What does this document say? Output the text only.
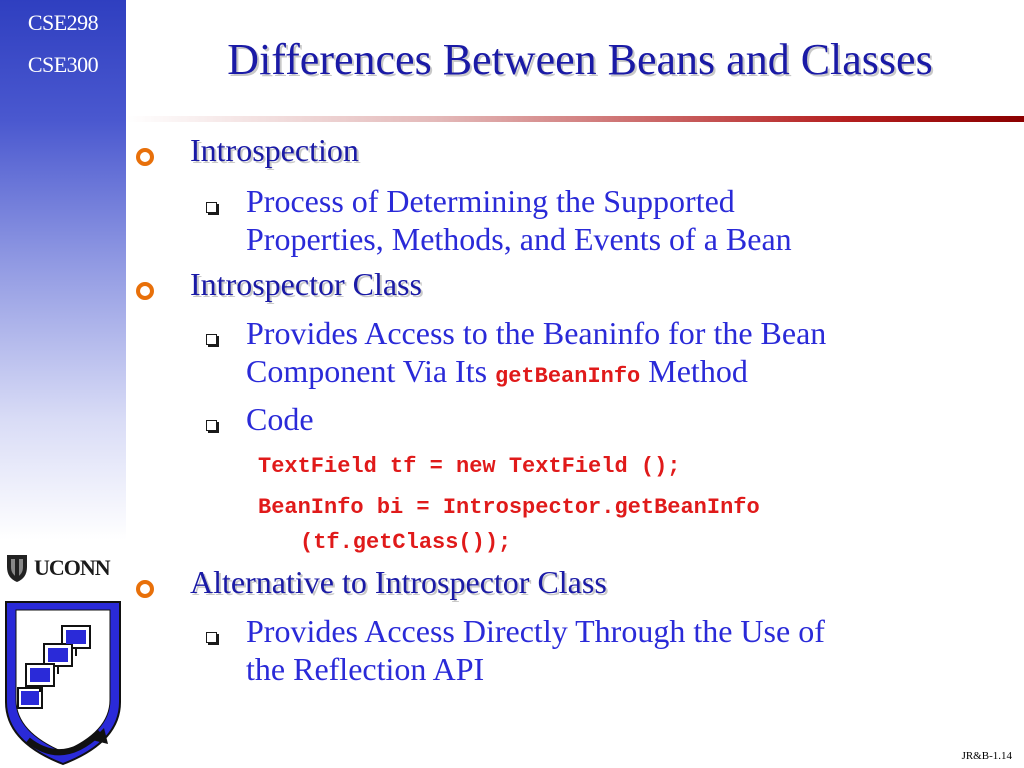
CSE298
CSE300
UCONN
Differences Between Beans and Classes
Introspection
Process of Determining the Supported
Properties, Methods, and Events of a Bean
Introspector Class
Provides Access to the Beaninfo for the Bean
Component Via Its getBeanInfo Method
Code
TextField tf = new TextField ();
BeanInfo bi = Introspector.getBeanInfo
(tf.getClass());
Alternative to Introspector Class
Provides Access Directly Through the Use of
the Reflection API
JR&B-1.14
